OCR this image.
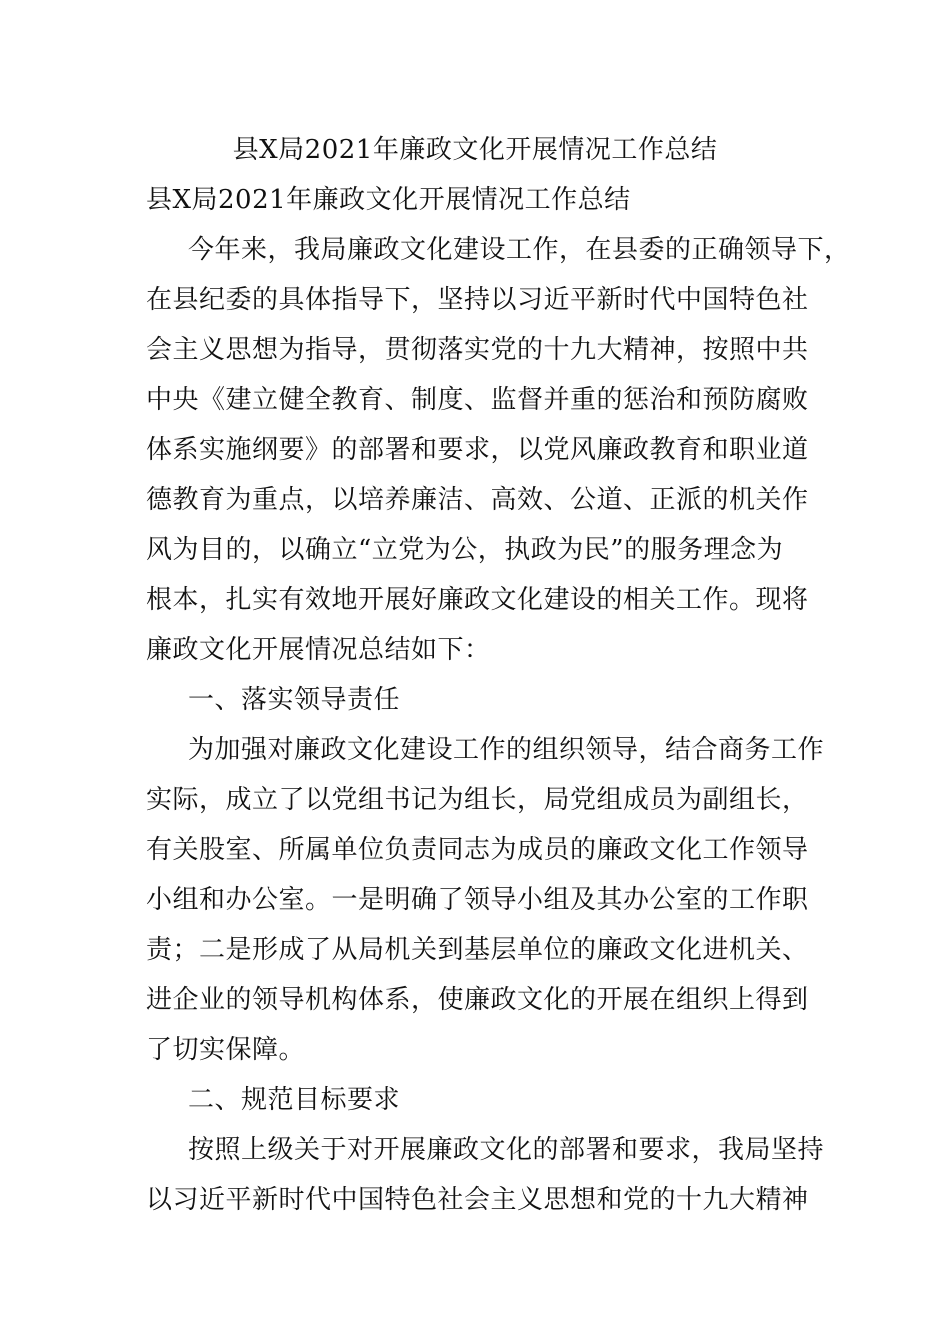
县X局2021年廉政文化开展情况工作总结
县X局2021年廉政文化开展情况工作总结
今年来，我局廉政文化建设工作，在县委的正确领导下，
在县纪委的具体指导下，坚持以习近平新时代中国特色社
会主义思想为指导，贯彻落实党的十九大精神，按照中共
中央《建立健全教育、制度、监督并重的惩治和预防腐败
体系实施纲要》的部署和要求，以党风廉政教育和职业道
德教育为重点，以培养廉洁、高效、公道、正派的机关作
风为目的，以确立“立党为公，执政为民”的服务理念为
根本，扎实有效地开展好廉政文化建设的相关工作。现将
廉政文化开展情况总结如下：
一、落实领导责任
为加强对廉政文化建设工作的组织领导，结合商务工作
实际，成立了以党组书记为组长，局党组成员为副组长，
有关股室、所属单位负责同志为成员的廉政文化工作领导
小组和办公室。一是明确了领导小组及其办公室的工作职
责；二是形成了从局机关到基层单位的廉政文化进机关、
进企业的领导机构体系，使廉政文化的开展在组织上得到
了切实保障。
二、规范目标要求
按照上级关于对开展廉政文化的部署和要求，我局坚持
以习近平新时代中国特色社会主义思想和党的十九大精神
